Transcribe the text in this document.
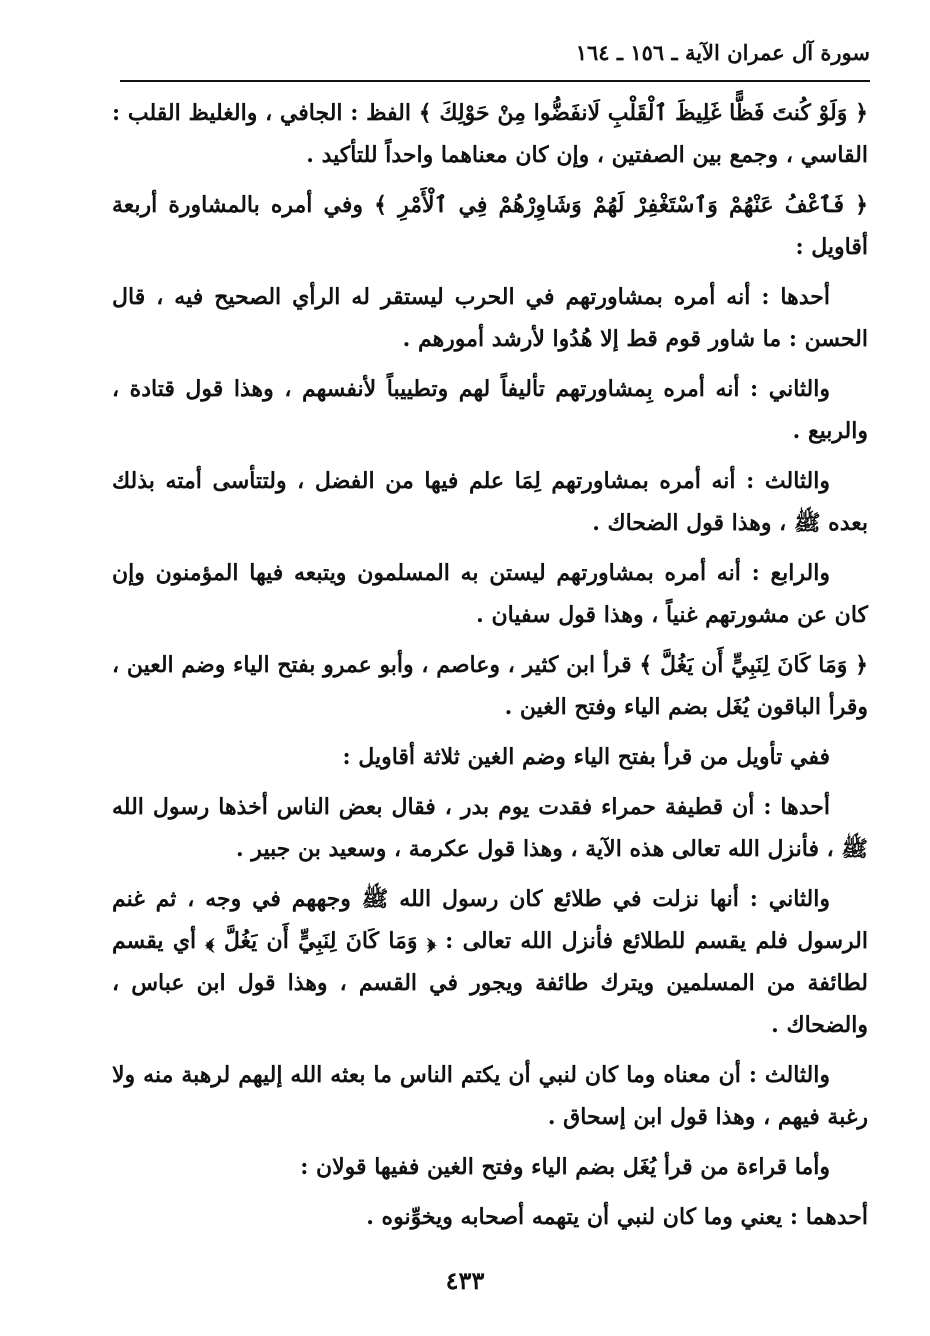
سورة آل عمران الآية ـ ١٥٦ ـ ١٦٤

﴿ وَلَوْ كُنتَ فَظًّا غَلِيظَ ٱلْقَلْبِ لَانفَضُّوا مِنْ حَوْلِكَ ﴾ الفظ : الجافي ، والغليظ القلب : القاسي ، وجمع بين الصفتين ، وإن كان معناهما واحداً للتأكيد .

﴿ فَٱعْفُ عَنْهُمْ وَٱسْتَغْفِرْ لَهُمْ وَشَاوِرْهُمْ فِي ٱلْأَمْرِ ﴾ وفي أمره بالمشاورة أربعة أقاويل :

أحدها : أنه أمره بمشاورتهم في الحرب ليستقر له الرأي الصحيح فيه ، قال الحسن : ما شاور قوم قط إلا هُدُوا لأرشد أمورهم .

والثاني : أنه أمره بِمشاورتهم تأليفاً لهم وتطييباً لأنفسهم ، وهذا قول قتادة ، والربيع .

والثالث : أنه أمره بمشاورتهم لِمَا علم فيها من الفضل ، ولتتأسى أمته بذلك بعده ﷺ ، وهذا قول الضحاك .

والرابع : أنه أمره بمشاورتهم ليستن به المسلمون ويتبعه فيها المؤمنون وإن كان عن مشورتهم غنياً ، وهذا قول سفيان .

﴿ وَمَا كَانَ لِنَبِيٍّ أَن يَغُلَّ ﴾ قرأ ابن كثير ، وعاصم ، وأبو عمرو بفتح الياء وضم العين ، وقرأ الباقون يُغَل بضم الياء وفتح الغين .

ففي تأويل من قرأ بفتح الياء وضم الغين ثلاثة أقاويل :

أحدها : أن قطيفة حمراء فقدت يوم بدر ، فقال بعض الناس أخذها رسول الله ﷺ ، فأنزل الله تعالى هذه الآية ، وهذا قول عكرمة ، وسعيد بن جبير .

والثاني : أنها نزلت في طلائع كان رسول الله ﷺ وجههم في وجه ، ثم غنم الرسول فلم يقسم للطلائع فأنزل الله تعالى : ﴿ وَمَا كَانَ لِنَبِيٍّ أَن يَغُلَّ ﴾ أي يقسم لطائفة من المسلمين ويترك طائفة ويجور في القسم ، وهذا قول ابن عباس ، والضحاك .

والثالث : أن معناه وما كان لنبي أن يكتم الناس ما بعثه الله إليهم لرهبة منه ولا رغبة فيهم ، وهذا قول ابن إسحاق .

وأما قراءة من قرأ يُغَل بضم الياء وفتح الغين ففيها قولان :

أحدهما : يعني وما كان لنبي أن يتهمه أصحابه ويخوِّنوه .

٤٣٣
